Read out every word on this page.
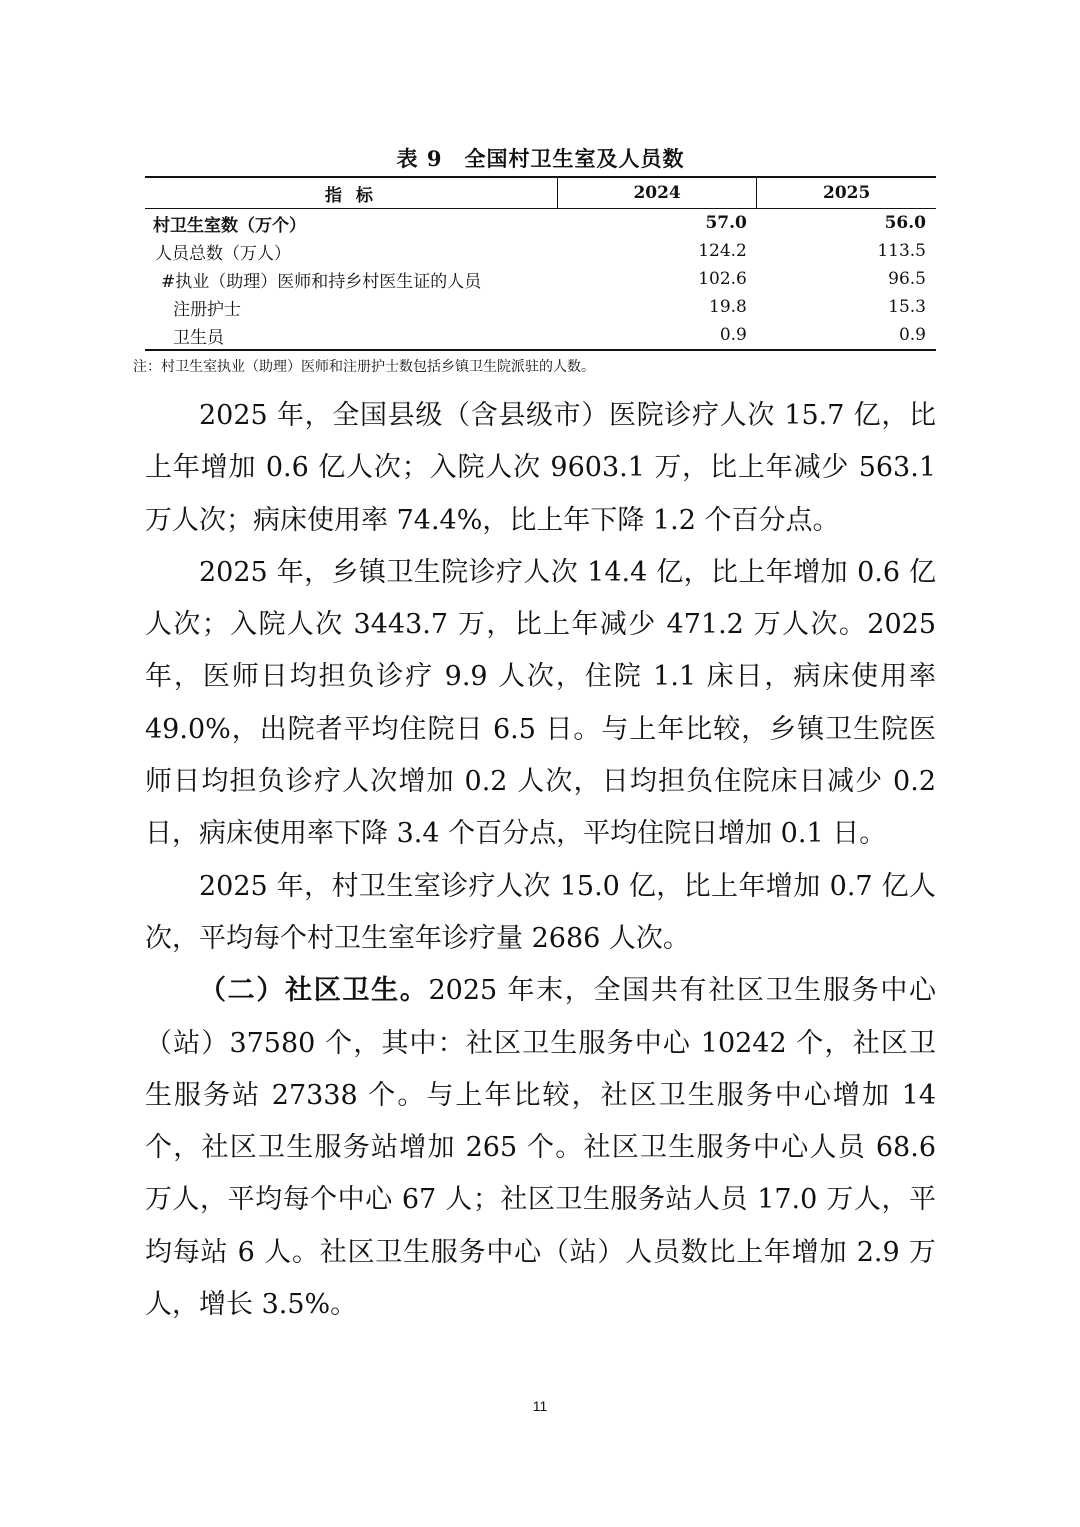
表 9　全国村卫生室及人员数
指 标	2024	2025
村卫生室数（万个）	57.0	56.0
人员总数（万人）	124.2	113.5
#执业（助理）医师和持乡村医生证的人员	102.6	96.5
注册护士	19.8	15.3
卫生员	0.9	0.9
注：村卫生室执业（助理）医师和注册护士数包括乡镇卫生院派驻的人数。

2025 年，全国县级（含县级市）医院诊疗人次 15.7 亿，比上年增加 0.6 亿人次；入院人次 9603.1 万，比上年减少 563.1 万人次；病床使用率 74.4%，比上年下降 1.2 个百分点。

2025 年，乡镇卫生院诊疗人次 14.4 亿，比上年增加 0.6 亿人次；入院人次 3443.7 万，比上年减少 471.2 万人次。2025 年，医师日均担负诊疗 9.9 人次，住院 1.1 床日，病床使用率 49.0%，出院者平均住院日 6.5 日。与上年比较，乡镇卫生院医师日均担负诊疗人次增加 0.2 人次，日均担负住院床日减少 0.2 日，病床使用率下降 3.4 个百分点，平均住院日增加 0.1 日。

2025 年，村卫生室诊疗人次 15.0 亿，比上年增加 0.7 亿人次，平均每个村卫生室年诊疗量 2686 人次。

（二）社区卫生。2025 年末，全国共有社区卫生服务中心（站）37580 个，其中：社区卫生服务中心 10242 个，社区卫生服务站 27338 个。与上年比较，社区卫生服务中心增加 14 个，社区卫生服务站增加 265 个。社区卫生服务中心人员 68.6 万人，平均每个中心 67 人；社区卫生服务站人员 17.0 万人，平均每站 6 人。社区卫生服务中心（站）人员数比上年增加 2.9 万人，增长 3.5%。

11
